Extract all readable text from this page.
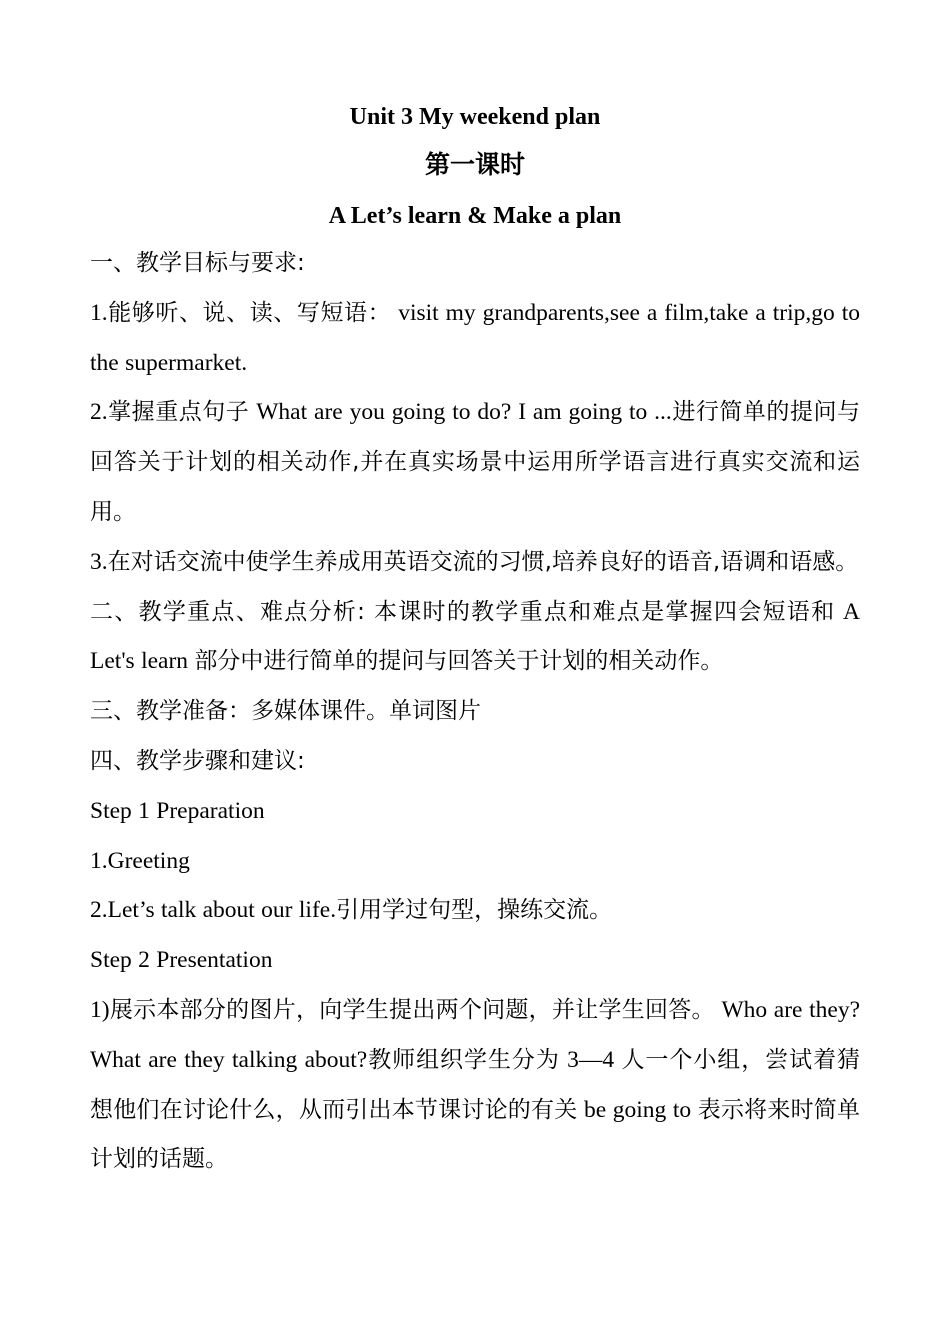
Unit 3 My weekend plan
第一课时
A Let’s learn & Make a plan
一、教学目标与要求:
1.能够听、说、读、写短语： visit my grandparents,see a film,take a trip,go to the supermarket.
2.掌握重点句子 What are you going to do? I am going to ...进行简单的提问与回答关于计划的相关动作,并在真实场景中运用所学语言进行真实交流和运用。
3.在对话交流中使学生养成用英语交流的习惯,培养良好的语音,语调和语感。
二、教学重点、难点分析: 本课时的教学重点和难点是掌握四会短语和 A Let's learn 部分中进行简单的提问与回答关于计划的相关动作。
三、教学准备：多媒体课件。单词图片
四、教学步骤和建议:
Step 1 Preparation
1.Greeting
2.Let’s talk about our life.引用学过句型，操练交流。
Step 2 Presentation
1)展示本部分的图片，向学生提出两个问题，并让学生回答。 Who are they? What are they talking about?教师组织学生分为 3—4 人一个小组，尝试着猜想他们在讨论什么，从而引出本节课讨论的有关 be going to 表示将来时简单计划的话题。
